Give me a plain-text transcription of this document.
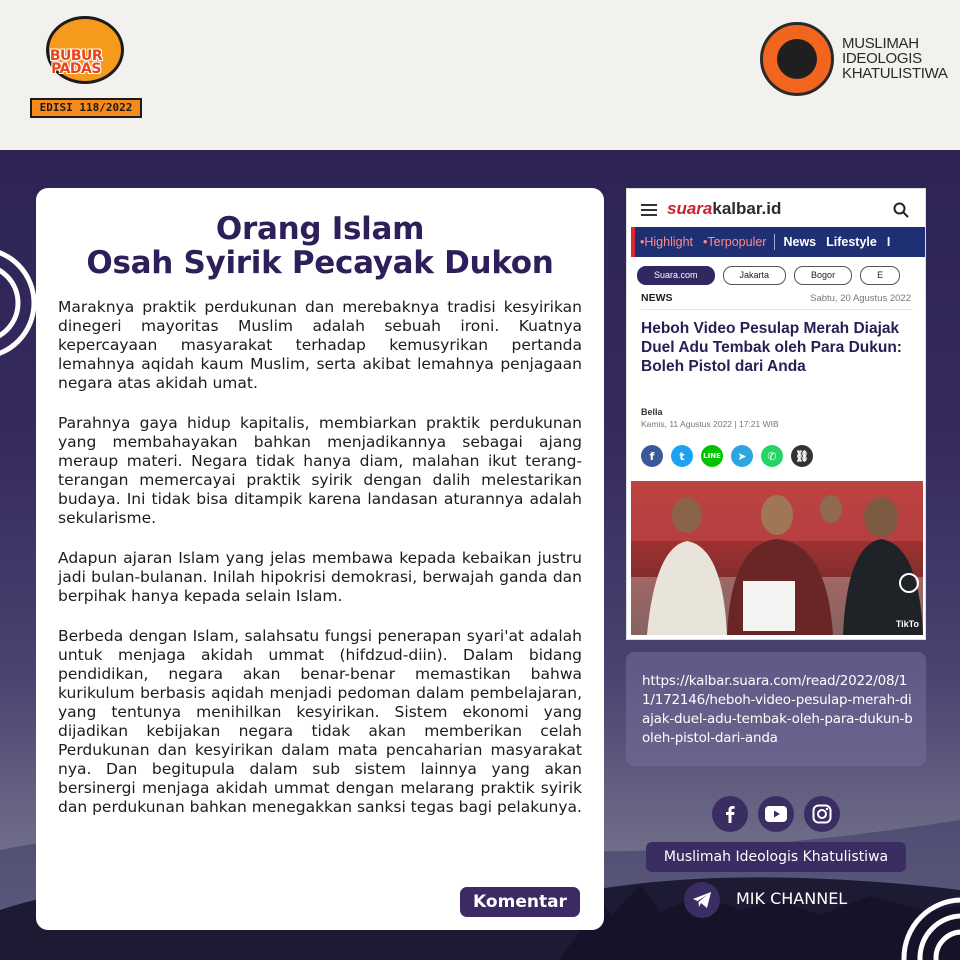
BUBUR PADAS
EDISI 118/2022
MUSLIMAH
IDEOLOGIS
KHATULISTIWA
Orang Islam
Osah Syirik Pecayak Dukon

Maraknya praktik perdukunan dan merebaknya tradisi kesyirikan dinegeri mayoritas Muslim adalah sebuah ironi. Kuatnya kepercayaan masyarakat terhadap kemusyrikan pertanda lemahnya aqidah kaum Muslim, serta akibat lemahnya penjagaan negara atas akidah umat.

Parahnya gaya hidup kapitalis, membiarkan praktik perdukunan yang membahayakan bahkan menjadikannya sebagai ajang meraup materi. Negara tidak hanya diam, malahan ikut terang-terangan memercayai praktik syirik dengan dalih melestarikan budaya. Ini tidak bisa ditampik karena landasan aturannya adalah sekularisme.

Adapun ajaran Islam yang jelas membawa kepada kebaikan justru jadi bulan-bulanan. Inilah hipokrisi demokrasi, berwajah ganda dan berpihak hanya kepada selain Islam.

Berbeda dengan Islam, salahsatu fungsi penerapan syari'at adalah untuk menjaga akidah ummat (hifdzud-diin). Dalam bidang pendidikan, negara akan benar-benar memastikan bahwa kurikulum berbasis aqidah menjadi pedoman dalam pembelajaran, yang tentunya menihilkan kesyirikan. Sistem ekonomi yang dijadikan kebijakan negara tidak akan memberikan celah Perdukunan dan kesyirikan dalam mata pencaharian masyarakat nya. Dan begitupula dalam sub sistem lainnya yang akan bersinergi menjaga akidah ummat dengan melarang praktik syirik dan perdukunan bahkan menegakkan sanksi tegas bagi pelakunya.

Komentar
suarakalbar.id
•Highlight •Terpopuler	News Lifestyle I
Suara.com	Jakarta	Bogor	E
NEWS	Sabtu, 20 Agustus 2022
Heboh Video Pesulap Merah Diajak Duel Adu Tembak oleh Para Dukun: Boleh Pistol dari Anda
Bella
Kamis, 11 Agustus 2022 | 17:21 WIB
f	t	LINE	➤	✆	⛓
TikTo
https://kalbar.suara.com/read/2022/08/11/172146/heboh-video-pesulap-merah-diajak-duel-adu-tembak-oleh-para-dukun-boleh-pistol-dari-anda
Muslimah Ideologis Khatulistiwa
MIK CHANNEL
